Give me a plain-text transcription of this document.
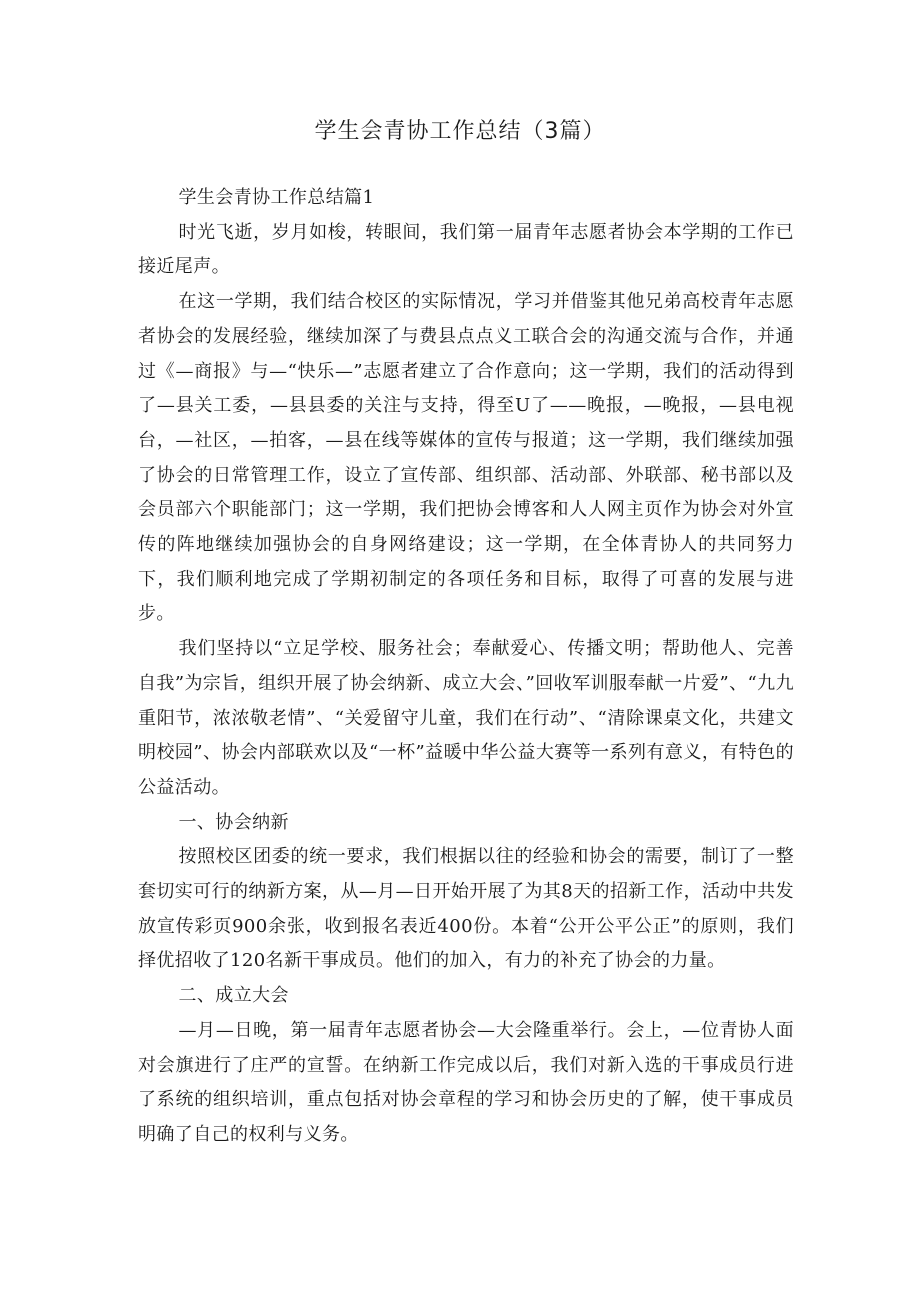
学生会青协工作总结（3篇）

学生会青协工作总结篇1

时光飞逝，岁月如梭，转眼间，我们第一届青年志愿者协会本学期的工作已接近尾声。

在这一学期，我们结合校区的实际情况，学习并借鉴其他兄弟高校青年志愿者协会的发展经验，继续加深了与费县点点义工联合会的沟通交流与合作，并通过《—商报》与—“快乐—”志愿者建立了合作意向；这一学期，我们的活动得到了—县关工委，—县县委的关注与支持，得至U了——晚报，—晚报，—县电视台，—社区，—拍客，—县在线等媒体的宣传与报道；这一学期，我们继续加强了协会的日常管理工作，设立了宣传部、组织部、活动部、外联部、秘书部以及会员部六个职能部门；这一学期，我们把协会博客和人人网主页作为协会对外宣传的阵地继续加强协会的自身网络建设；这一学期，在全体青协人的共同努力下，我们顺利地完成了学期初制定的各项任务和目标，取得了可喜的发展与进步。

我们坚持以“立足学校、服务社会；奉献爱心、传播文明；帮助他人、完善自我”为宗旨，组织开展了协会纳新、成立大会、”回收军训服奉献一片爱”、“九九重阳节，浓浓敬老情”、“关爱留守儿童，我们在行动”、“清除课桌文化，共建文明校园”、协会内部联欢以及“一杯”益暖中华公益大赛等一系列有意义，有特色的公益活动。

一、协会纳新

按照校区团委的统一要求，我们根据以往的经验和协会的需要，制订了一整套切实可行的纳新方案，从—月—日开始开展了为其8天的招新工作，活动中共发放宣传彩页900余张，收到报名表近400份。本着“公开公平公正”的原则，我们择优招收了120名新干事成员。他们的加入，有力的补充了协会的力量。

二、成立大会

—月—日晚，第一届青年志愿者协会—大会隆重举行。会上，—位青协人面对会旗进行了庄严的宣誓。在纳新工作完成以后，我们对新入选的干事成员行进了系统的组织培训，重点包括对协会章程的学习和协会历史的了解，使干事成员明确了自己的权利与义务。
